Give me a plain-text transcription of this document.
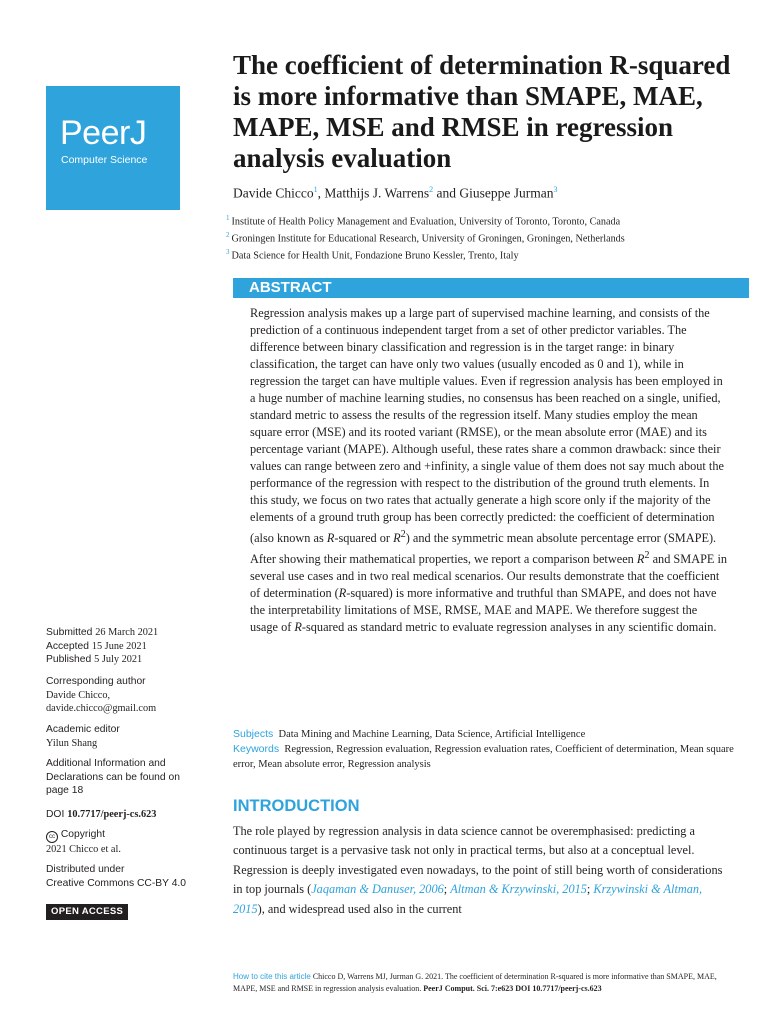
PeerJ
Computer Science
The coefficient of determination R-squared is more informative than SMAPE, MAE, MAPE, MSE and RMSE in regression analysis evaluation
Davide Chicco$^1$, Matthijs J. Warrens$^2$ and Giuseppe Jurman$^3$
$^1$ Institute of Health Policy Management and Evaluation, University of Toronto, Toronto, Canada
$^2$ Groningen Institute for Educational Research, University of Groningen, Groningen, Netherlands
$^3$ Data Science for Health Unit, Fondazione Bruno Kessler, Trento, Italy
ABSTRACT

Regression analysis makes up a large part of supervised machine learning, and consists of the prediction of a continuous independent target from a set of other predictor variables. The difference between binary classification and regression is in the target range: in binary classification, the target can have only two values (usually encoded as 0 and 1), while in regression the target can have multiple values. Even if regression analysis has been employed in a huge number of machine learning studies, no consensus has been reached on a single, unified, standard metric to assess the results of the regression itself. Many studies employ the mean square error (MSE) and its rooted variant (RMSE), or the mean absolute error (MAE) and its percentage variant (MAPE). Although useful, these rates share a common drawback: since their values can range between zero and +infinity, a single value of them does not say much about the performance of the regression with respect to the distribution of the ground truth elements. In this study, we focus on two rates that actually generate a high score only if the majority of the elements of a ground truth group has been correctly predicted: the coefficient of determination (also known as R-squared or $R^2$) and the symmetric mean absolute percentage error (SMAPE). After showing their mathematical properties, we report a comparison between $R^2$ and SMAPE in several use cases and in two real medical scenarios. Our results demonstrate that the coefficient of determination (R-squared) is more informative and truthful than SMAPE, and does not have the interpretability limitations of MSE, RMSE, MAE and MAPE. We therefore suggest the usage of R-squared as standard metric to evaluate regression analyses in any scientific domain.

Submitted 26 March 2021
Accepted 15 June 2021
Published 5 July 2021
Corresponding author
Davide Chicco,
davide.chicco@gmail.com
Academic editor
Yilun Shang
Additional Information and Declarations can be found on page 18
DOI 10.7717/peerj-cs.623
cc Copyright
2021 Chicco et al.
Distributed under
Creative Commons CC-BY 4.0
OPEN ACCESS
Subjects Data Mining and Machine Learning, Data Science, Artificial Intelligence
Keywords Regression, Regression evaluation, Regression evaluation rates, Coefficient of determination, Mean square error, Mean absolute error, Regression analysis
INTRODUCTION

The role played by regression analysis in data science cannot be overemphasised: predicting a continuous target is a pervasive task not only in practical terms, but also at a conceptual level. Regression is deeply investigated even nowadays, to the point of still being worth of considerations in top journals (Jaqaman & Danuser, 2006; Altman & Krzywinski, 2015; Krzywinski & Altman, 2015), and widespread used also in the current

How to cite this article Chicco D, Warrens MJ, Jurman G. 2021. The coefficient of determination R-squared is more informative than SMAPE, MAE, MAPE, MSE and RMSE in regression analysis evaluation. PeerJ Comput. Sci. 7:e623 DOI 10.7717/peerj-cs.623
